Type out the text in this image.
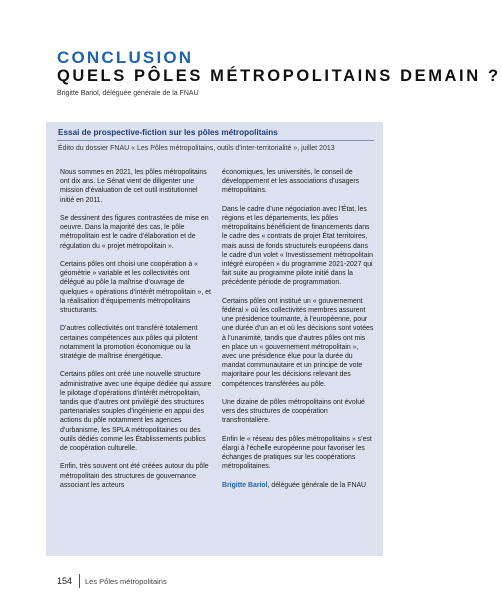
CONCLUSION
QUELS PÔLES MÉTROPOLITAINS DEMAIN ?
Brigitte Bariol, déléguée générale de la FNAU
Essai de prospective-fiction sur les pôles métropolitains
Édito du dossier FNAU « Les Pôles métropolitains, outils d’inter-territorialité », juillet 2013

Nous sommes en 2021, les pôles métropolitains ont dix ans. Le Sénat vient de diligenter une mission d’évaluation de cet outil institutionnel initié en 2011.

Se dessinent des figures contrastées de mise en oeuvre. Dans la majorité des cas, le pôle métropolitain est le cadre d’élaboration et de régulation du « projet métropolitain ».

Certains pôles ont choisi une coopération à « géométrie » variable et les collectivités ont délégué au pôle la maîtrise d’ouvrage de quelques « opérations d’intérêt métropolitain », et la réalisation d’équipements métropolitains structurants.

D’autres collectivités ont transféré totalement certaines compétences aux pôles qui pilotent notamment la promotion économique ou la stratégie de maîtrise énergétique.

Certains pôles ont créé une nouvelle structure administrative avec une équipe dédiée qui assure le pilotage d’opérations d’intérêt métropolitain, tandis que d’autres ont privilégié des structures partenariales souples d’ingénierie en appui des actions du pôle notamment les agences d’urbanisme, les SPLA métropolitaines ou des outils dédiés comme les Établissements publics de coopération culturelle.

Enfin, très souvent ont été créées autour du pôle métropolitain des structures de gouvernance associant les acteurs

économiques, les universités, le conseil de développement et les associations d’usagers métropolitains.

Dans le cadre d’une négociation avec l’État, les régions et les départements, les pôles métropolitains bénéficient de financements dans le cadre des « contrats de projet État territoires, mais aussi de fonds structurels européens dans le cadre d’un volet « Investissement métropolitain intégré européen » du programme 2021-2027 qui fait suite au programme pilote initié dans la précédente période de programmation.

Certains pôles ont institué un « gouvernement fédéral » où les collectivités membres assurent une présidence tournante, à l’européenne, pour une durée d’un an et où les décisions sont votées à l’unanimité, tandis que d’autres pôles ont mis en place un « gouvernement métropolitain », avec une présidence élue pour la durée du mandat communautaire et un principe de vote majoritaire pour les décisions relevant des compétences transférées au pôle.

Une dizaine de pôles métropolitains ont évolué vers des structures de coopération transfrontalière.

Enfin le « réseau des pôles métropolitains » s’est élargi à l’échelle européenne pour favoriser les échanges de pratiques sur les coopérations métropolitaines.

Brigitte Bariol, déléguée générale de la FNAU

154 Les Pôles métropolitains
